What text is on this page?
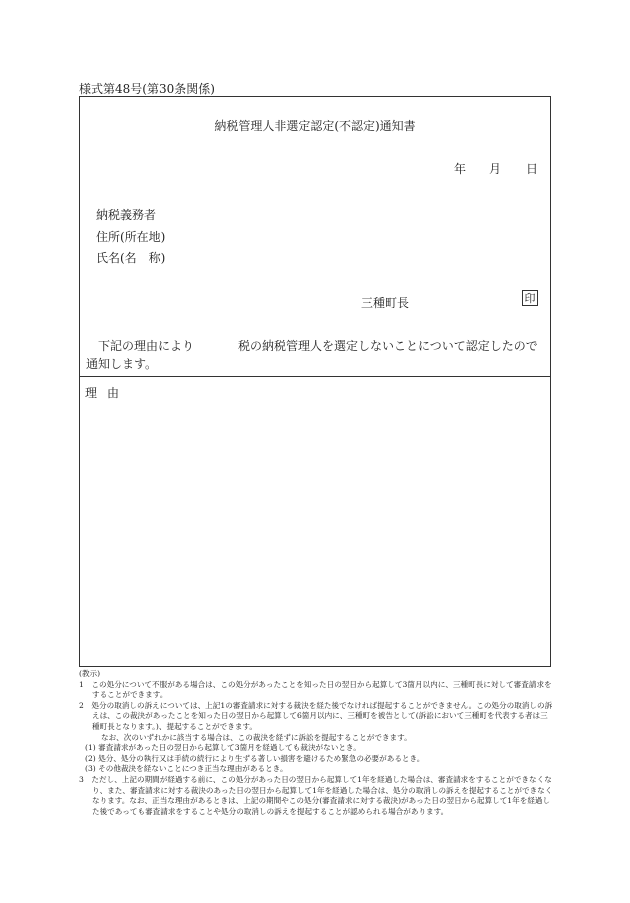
様式第48号(第30条関係)
納税管理人非選定認定(不認定)通知書
年 月 日
納税義務者
住所(所在地)
氏名(名　称)
三種町長	印
下記の理由により	税の納税管理人を選定しないことについて認定したので通知します。
理由

(教示)

1　この処分について不服がある場合は、この処分があったことを知った日の翌日から起算して3箇月以内に、三種町長に対して審査請求をすることができます。

2　処分の取消しの訴えについては、上記1の審査請求に対する裁決を経た後でなければ提起することができません。この処分の取消しの訴えは、この裁決があったことを知った日の翌日から起算して6箇月以内に、三種町を被告として(訴訟において三種町を代表する者は三種町長となります。)、提起することができます。

なお、次のいずれかに該当する場合は、この裁決を経ずに訴訟を提起することができます。

(1) 審査請求があった日の翌日から起算して3箇月を経過しても裁決がないとき。

(2) 処分、処分の執行又は手続の続行により生ずる著しい損害を避けるため緊急の必要があるとき。

(3) その他裁決を経ないことにつき正当な理由があるとき。

3　ただし、上記の期間が経過する前に、この処分があった日の翌日から起算して1年を経過した場合は、審査請求をすることができなくなり、また、審査請求に対する裁決のあった日の翌日から起算して1年を経過した場合は、処分の取消しの訴えを提起することができなくなります。なお、正当な理由があるときは、上記の期間やこの処分(審査請求に対する裁決)があった日の翌日から起算して1年を経過した後であっても審査請求をすることや処分の取消しの訴えを提起することが認められる場合があります。
